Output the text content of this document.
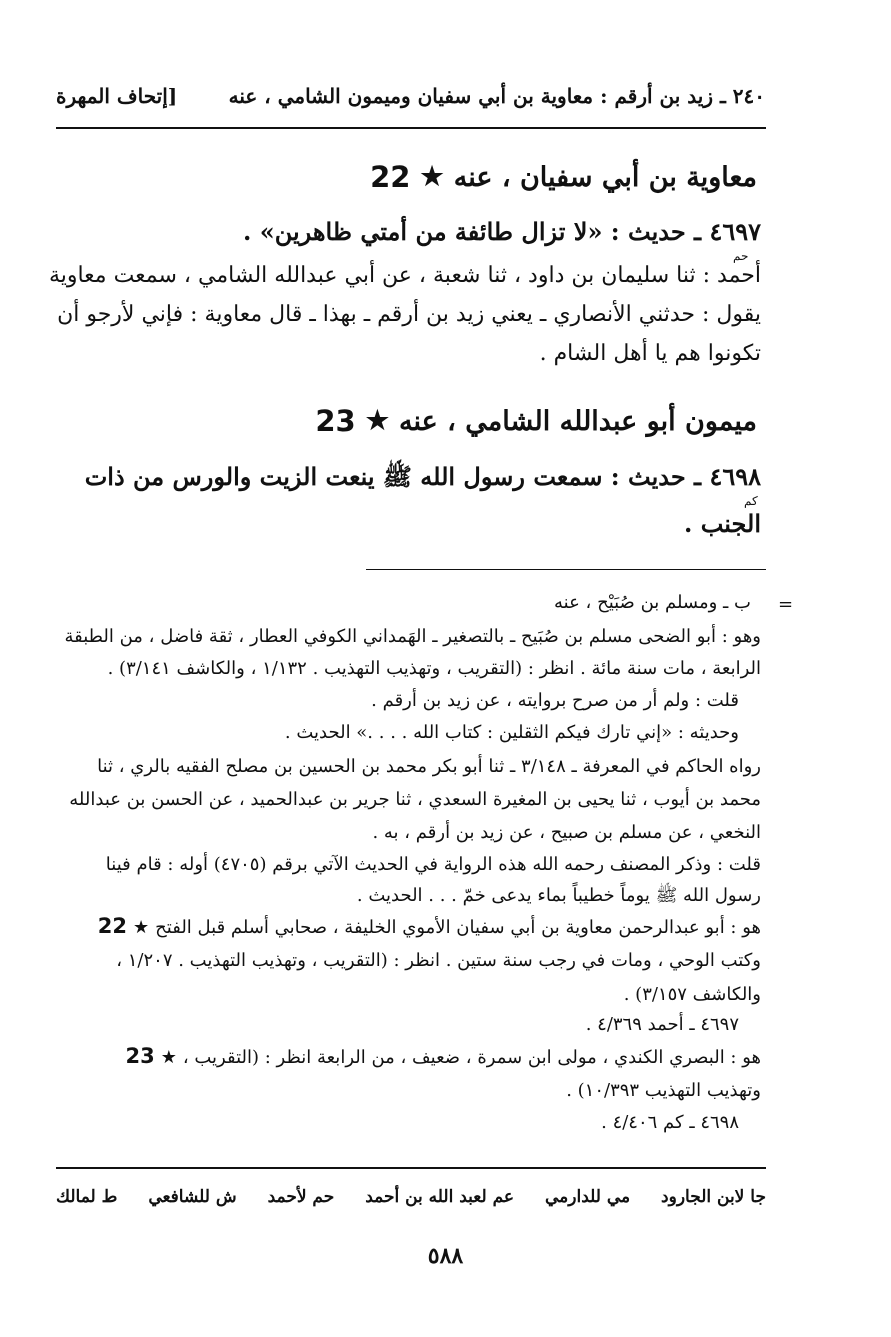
٢٤٠ ـ زيد بن أرقم : معاوية بن أبي سفيان وميمون الشامي ، عنه
[إتحاف المهرة
22 ★ معاوية بن أبي سفيان ، عنه
٤٦٩٧ ـ حديث : «لا تزال طائفة من أمتي ظاهرين» .
حم
أحمد : ثنا سليمان بن داود ، ثنا شعبة ، عن أبي عبدالله الشامي ، سمعت معاوية
يقول : حدثني الأنصاري ـ يعني زيد بن أرقم ـ بهذا ـ قال معاوية : فإني لأرجو أن
تكونوا هم يا أهل الشام .
23 ★ ميمون أبو عبدالله الشامي ، عنه
٤٦٩٨ ـ حديث : سمعت رسول الله ﷺ ينعت الزيت والورس من ذات
كم
الجنب .
=
ب ـ ومسلم بن صُبَيْح ، عنه
وهو : أبو الضحى مسلم بن صُبَيح ـ بالتصغير ـ الهَمداني الكوفي العطار ، ثقة فاضل ، من الطبقة
الرابعة ، مات سنة مائة . انظر : (التقريب ، وتهذيب التهذيب . ١/١٣٢ ، والكاشف ٣/١٤١) .
قلت : ولم أر من صرح بروايته ، عن زيد بن أرقم .
وحديثه : «إني تارك فيكم الثقلين : كتاب الله . . . .» الحديث .
رواه الحاكم في المعرفة ـ ٣/١٤٨ ـ ثنا أبو بكر محمد بن الحسين بن مصلح الفقيه بالري ، ثنا
محمد بن أيوب ، ثنا يحيى بن المغيرة السعدي ، ثنا جرير بن عبدالحميد ، عن الحسن بن عبدالله
النخعي ، عن مسلم بن صبيح ، عن زيد بن أرقم ، به .
قلت : وذكر المصنف رحمه الله هذه الرواية في الحديث الآتي برقم (٤٧٠٥) أوله : قام فينا
رسول الله ﷺ يوماً خطيباً بماء يدعى خمّ . . . الحديث .
22 ★ هو : أبو عبدالرحمن معاوية بن أبي سفيان الأموي الخليفة ، صحابي أسلم قبل الفتح
وكتب الوحي ، ومات في رجب سنة ستين . انظر : (التقريب ، وتهذيب التهذيب . ١/٢٠٧ ،
والكاشف ٣/١٥٧) .
٤٦٩٧ ـ أحمد ٤/٣٦٩ .
23 ★ هو : البصري الكندي ، مولى ابن سمرة ، ضعيف ، من الرابعة انظر : (التقريب ،
وتهذيب التهذيب ١٠/٣٩٣) .
٤٦٩٨ ـ كم ٤/٤٠٦ .
ط لمالك ش للشافعي حم لأحمد عم لعبد الله بن أحمد مي للدارمي جا لابن الجارود
٥٨٨
